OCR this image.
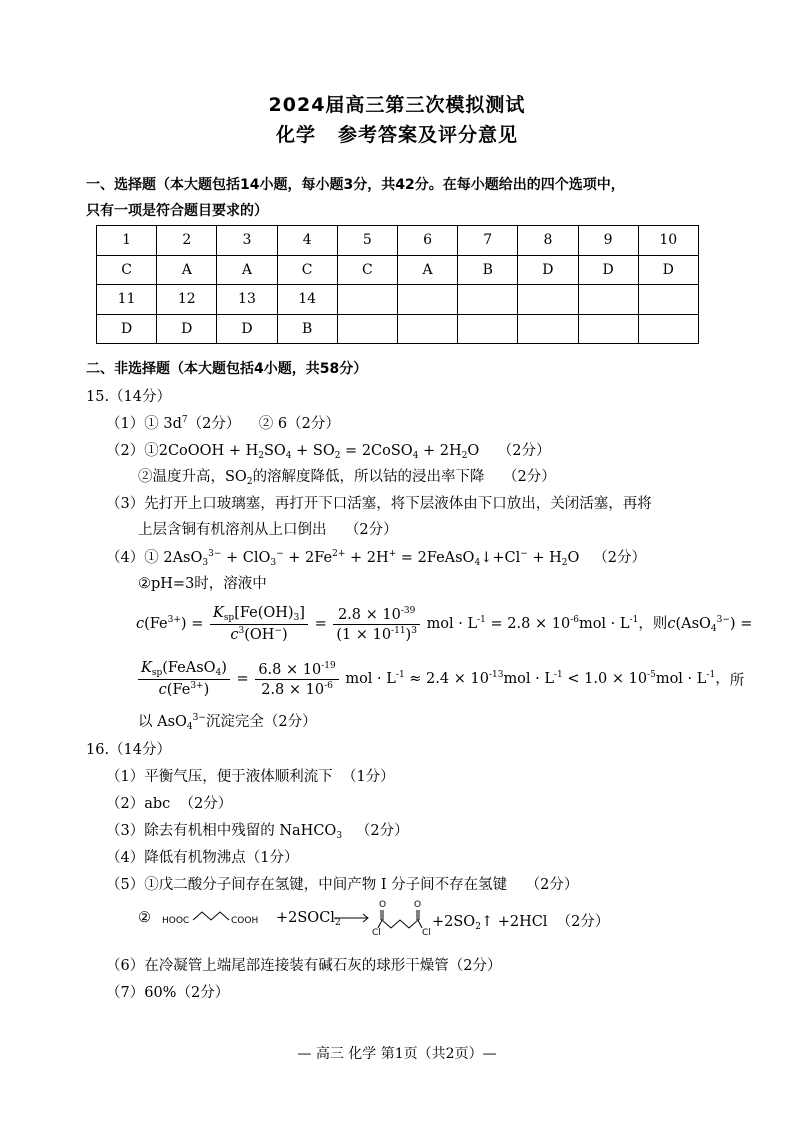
2024届高三第三次模拟测试
化学 参考答案及评分意见
一、选择题（本大题包括14小题，每小题3分，共42分。在每小题给出的四个选项中，
只有一项是符合题目要求的）
1	2	3	4	5	6	7	8	9	10
C	A	A	C	C	A	B	D	D	D
11	12	13	14						
D	D	D	B						
二、非选择题（本大题包括4小题，共58分）
15.（14分）
（1）① $3d^7(2$分） ② 6（2分）
（2）①2CoOOH + $H_2SO_4 + SO_2$ = 2CoSO$_4$ + $2H_2O$ （2分）
②温度升高，$SO_2$的溶解度降低，所以钴的浸出率下降 （2分）
（3）先打开上口玻璃塞，再打开下口活塞，将下层液体由下口放出，关闭活塞，再将
上层含铜有机溶剂从上口倒出 （2分）
（4）① $2AsO_3^{3-} + ClO_3^- + 2Fe^{2+} + 2H^+$ = 2FeAsO$_4$↓+Cl− + $H_2O$ （2分）
②pH=3时，溶液中
$c(Fe^{3+}) = \frac{K_{sp}[Fe(OH)_3]}{c^3(OH^-)} = \frac{2.8 \times 10^{-39}}{(1 \times 10^{-11})^3}$ mol · $L^{-1} = 2.8 \times 10^{-6}mol \cdot L^{-1}$，则 c(AsO$_4^{3-}$) =
$\frac{K_{sp}(FeAsO_4)}{c(Fe^{3+})} = \frac{6.8 \times 10^{-19}}{2.8 \times 10^{-6}}$ mol · $L^{-1} \approx 2.4 \times 10^{-13}mol \cdot L^{-1} < 1.0 \times 10^{-5}mol \cdot L^{-1}$， 所
以 AsO$_4^{3-}$沉淀完全（2分）
16.（14分）
（1）平衡气压，便于液体顺利流下 （1分）
（2）abc （2分）
（3）除去有机相中残留的 NaHCO$_3$ （2分）
（4）降低有机物沸点（1分）
（5）①戊二酸分子间存在氢键，中间产物 Ⅰ 分子间不存在氢键 （2分）
② HOOC	COOH
Cl
O	O
Cl
+2SOCl$_2$	$+2SO_2↑ +2HCl$ （2分）
（6）在冷凝管上端尾部连接装有碱石灰的球形干燥管（2分）
（7）60%（2分）
— 高三 化学 第1页（共2页）—
